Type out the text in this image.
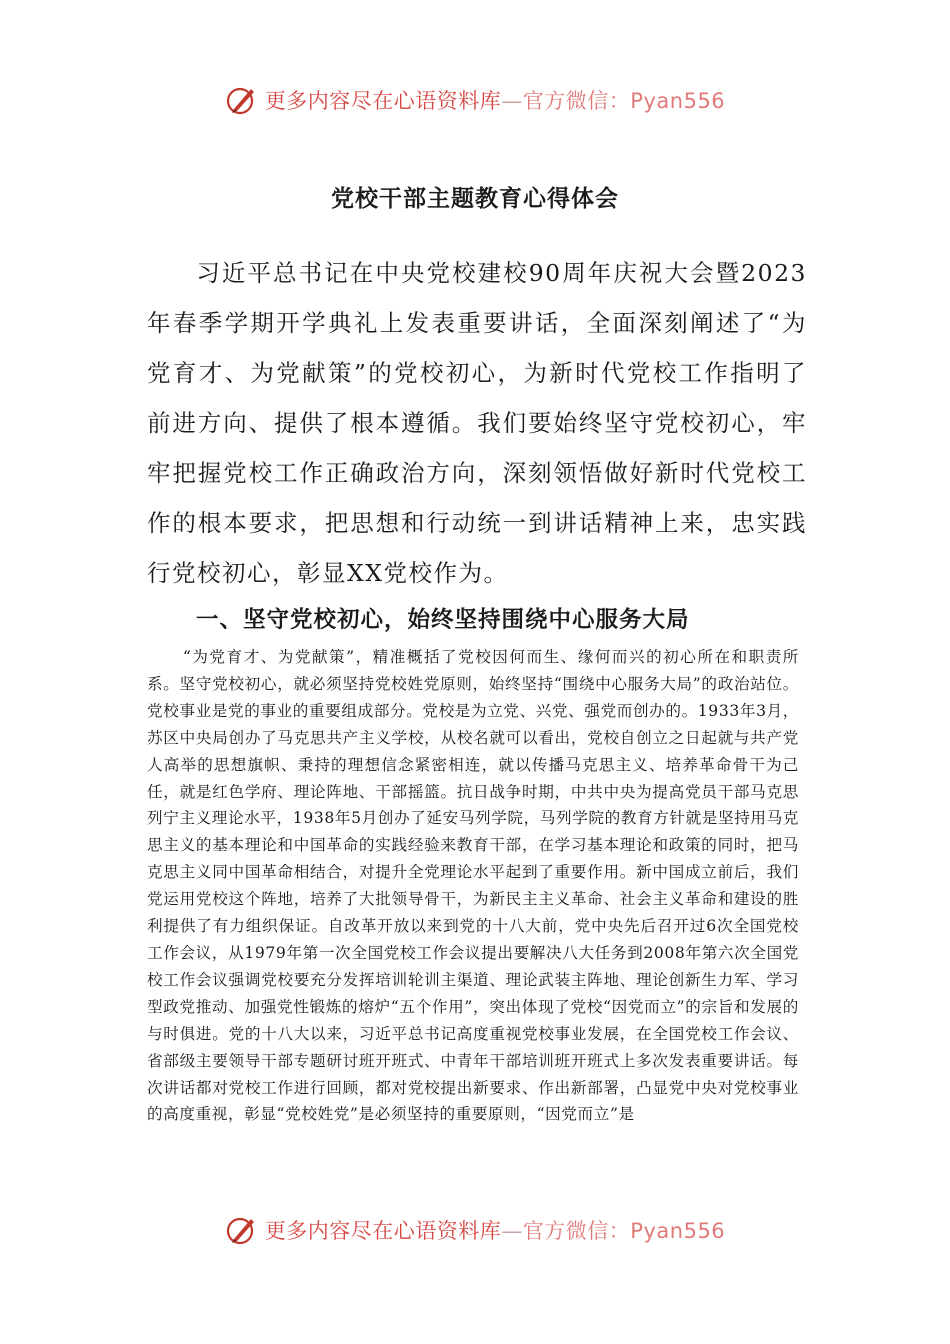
更多内容尽在心语资料库—官方微信：Pyan556
党校干部主题教育心得体会

习近平总书记在中央党校建校90周年庆祝大会暨2023年春季学期开学典礼上发表重要讲话，全面深刻阐述了“为党育才、为党献策”的党校初心，为新时代党校工作指明了前进方向、提供了根本遵循。我们要始终坚守党校初心，牢牢把握党校工作正确政治方向，深刻领悟做好新时代党校工作的根本要求，把思想和行动统一到讲话精神上来，忠实践行党校初心，彰显XX党校作为。

一、坚守党校初心，始终坚持围绕中心服务大局

“为党育才、为党献策”，精准概括了党校因何而生、缘何而兴的初心所在和职责所系。坚守党校初心，就必须坚持党校姓党原则，始终坚持“围绕中心服务大局”的政治站位。党校事业是党的事业的重要组成部分。党校是为立党、兴党、强党而创办的。1933年3月，苏区中央局创办了马克思共产主义学校，从校名就可以看出，党校自创立之日起就与共产党人高举的思想旗帜、秉持的理想信念紧密相连，就以传播马克思主义、培养革命骨干为己任，就是红色学府、理论阵地、干部摇篮。抗日战争时期，中共中央为提高党员干部马克思列宁主义理论水平，1938年5月创办了延安马列学院，马列学院的教育方针就是坚持用马克思主义的基本理论和中国革命的实践经验来教育干部，在学习基本理论和政策的同时，把马克思主义同中国革命相结合，对提升全党理论水平起到了重要作用。新中国成立前后，我们党运用党校这个阵地，培养了大批领导骨干，为新民主主义革命、社会主义革命和建设的胜利提供了有力组织保证。自改革开放以来到党的十八大前，党中央先后召开过6次全国党校工作会议，从1979年第一次全国党校工作会议提出要解决八大任务到2008年第六次全国党校工作会议强调党校要充分发挥培训轮训主渠道、理论武装主阵地、理论创新生力军、学习型政党推动、加强党性锻炼的熔炉“五个作用”，突出体现了党校“因党而立”的宗旨和发展的与时俱进。党的十八大以来，习近平总书记高度重视党校事业发展，在全国党校工作会议、省部级主要领导干部专题研讨班开班式、中青年干部培训班开班式上多次发表重要讲话。每次讲话都对党校工作进行回顾，都对党校提出新要求、作出新部署，凸显党中央对党校事业的高度重视，彰显“党校姓党”是必须坚持的重要原则，“因党而立”是

更多内容尽在心语资料库—官方微信：Pyan556
